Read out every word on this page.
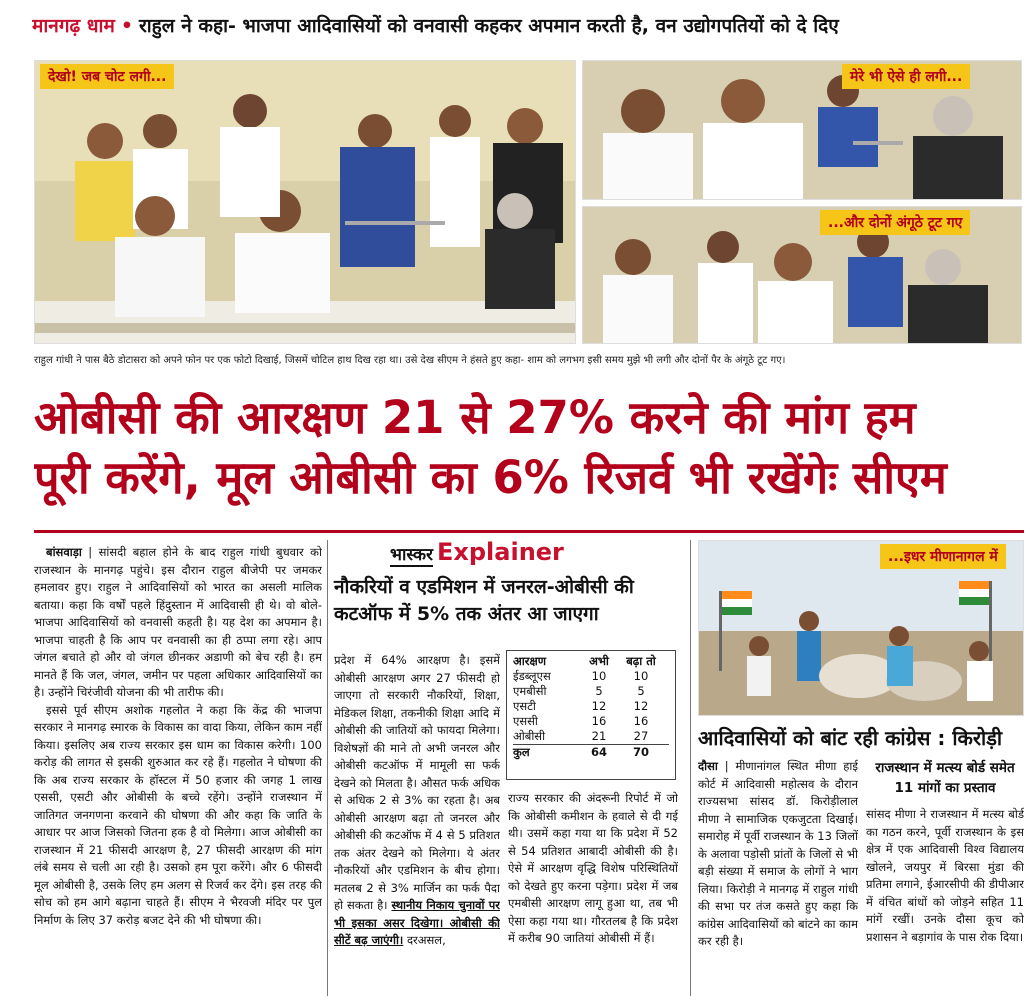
मानगढ़ धाम • राहुल ने कहा- भाजपा आदिवासियों को वनवासी कहकर अपमान करती है, वन उद्योगपतियों को दे दिए
देखो! जब चोट लगी...	मेरे भी ऐसे ही लगी...
...और दोनों अंगूठे टूट गए
राहुल गांधी ने पास बैठे डोटासरा को अपने फोन पर एक फोटो दिखाई, जिसमें चोटिल हाथ दिख रहा था। उसे देख सीएम ने हंसते हुए कहा- शाम को लगभग इसी समय मुझे भी लगी और दोनों पैर के अंगूठे टूट गए।
ओबीसी की आरक्षण 21 से 27% करने की मांग हम
पूरी करेंगे, मूल ओबीसी का 6% रिजर्व भी रखेंगेः सीएम

बांसवाड़ा | सांसदी बहाल होने के बाद राहुल गांधी बुधवार को राजस्थान के मानगढ़ पहुंचे। इस दौरान राहुल बीजेपी पर जमकर हमलावर हुए। राहुल ने आदिवासियों को भारत का असली मालिक बताया। कहा कि वर्षों पहले हिंदुस्तान में आदिवासी ही थे। वो बोले- भाजपा आदिवासियों को वनवासी कहती है। यह देश का अपमान है। भाजपा चाहती है कि आप पर वनवासी का ही ठप्पा लगा रहे। आप जंगल बचाते हो और वो जंगल छीनकर अडाणी को बेच रही है। हम मानते हैं कि जल, जंगल, जमीन पर पहला अधिकार आदिवासियों का है। उन्होंने चिरंजीवी योजना की भी तारीफ की।

इससे पूर्व सीएम अशोक गहलोत ने कहा कि केंद्र की भाजपा सरकार ने मानगढ़ स्मारक के विकास का वादा किया, लेकिन काम नहीं किया। इसलिए अब राज्य सरकार इस धाम का विकास करेगी। 100 करोड़ की लागत से इसकी शुरुआत कर रहे हैं। गहलोत ने घोषणा की कि अब राज्य सरकार के हॉस्टल में 50 हजार की जगह 1 लाख एससी, एसटी और ओबीसी के बच्चे रहेंगे। उन्होंने राजस्थान में जातिगत जनगणना करवाने की घोषणा की और कहा कि जाति के आधार पर आज जिसको जितना हक है वो मिलेगा। आज ओबीसी का राजस्थान में 21 फीसदी आरक्षण है, 27 फीसदी आरक्षण की मांग लंबे समय से चली आ रही है। उसको हम पूरा करेंगे। और 6 फीसदी मूल ओबीसी है, उसके लिए हम अलग से रिजर्व कर देंगे। इस तरह की सोच को हम आगे बढ़ाना चाहते हैं। सीएम ने भैरवजी मंदिर पर पुल निर्माण के लिए 37 करोड़ बजट देने की भी घोषणा की।

भास्कर Explainer
नौकरियों व एडमिशन में जनरल-ओबीसी की कटऑफ में 5% तक अंतर आ जाएगा
प्रदेश में 64% आरक्षण है। इसमें ओबीसी आरक्षण अगर 27 फीसदी हो जाएगा तो सरकारी नौकरियों, शिक्षा, मेडिकल शिक्षा, तकनीकी शिक्षा आदि में ओबीसी की जातियों को फायदा मिलेगा। विशेषज्ञों की माने तो अभी जनरल और ओबीसी कटऑफ में मामूली सा फर्क देखने को मिलता है। औसत फर्क अधिक से अधिक 2 से 3% का रहता है। अब ओबीसी आरक्षण बढ़ा तो जनरल और ओबीसी की कटऑफ में 4 से 5 प्रतिशत तक अंतर देखने को मिलेगा। ये अंतर नौकरियों और एडमिशन के बीच होगा। मतलब 2 से 3% मार्जिन का फर्क पैदा हो सकता है। स्थानीय निकाय चुनावों पर भी इसका असर दिखेगा। ओबीसी की सीटें बढ़ जाएंगी। दरअसल,
आरक्षण	अभी	बढ़ा तो
ईडब्लूएस	10	10
एमबीसी	5	5
एसटी	12	12
एससी	16	16
ओबीसी	21	27
कुल	64	70
राज्य सरकार की अंदरूनी रिपोर्ट में जो कि ओबीसी कमीशन के हवाले से दी गई थी। उसमें कहा गया था कि प्रदेश में 52 से 54 प्रतिशत आबादी ओबीसी की है। ऐसे में आरक्षण वृद्धि विशेष परिस्थितियों को देखते हुए करना पड़ेगा। प्रदेश में जब एमबीसी आरक्षण लागू हुआ था, तब भी ऐसा कहा गया था। गौरतलब है कि प्रदेश में करीब 90 जातियां ओबीसी में हैं।
...इधर मीणानागल में
आदिवासियों को बांट रही कांग्रेस : किरोड़ी
दौसा | मीणानांगल स्थित मीणा हाई कोर्ट में आदिवासी महोत्सव के दौरान राज्यसभा सांसद डॉ. किरोड़ीलाल मीणा ने सामाजिक एकजुटता दिखाई। समारोह में पूर्वी राजस्थान के 13 जिलों के अलावा पड़ोसी प्रांतों के जिलों से भी बड़ी संख्या में समाज के लोगों ने भाग लिया। किरोड़ी ने मानगढ़ में राहुल गांधी की सभा पर तंज कसते हुए कहा कि कांग्रेस आदिवासियों को बांटने का काम कर रही है।
राजस्थान में मत्स्य बोर्ड समेत 11 मांगों का प्रस्ताव
सांसद मीणा ने राजस्थान में मत्स्य बोर्ड का गठन करने, पूर्वी राजस्थान के इस क्षेत्र में एक आदिवासी विश्व विद्यालय खोलने, जयपुर में बिरसा मुंडा की प्रतिमा लगाने, ईआरसीपी की डीपीआर में वंचित बांधों को जोड़ने सहित 11 मांगें रखीं। उनके दौसा कूच को प्रशासन ने बड़ागांव के पास रोक दिया।
